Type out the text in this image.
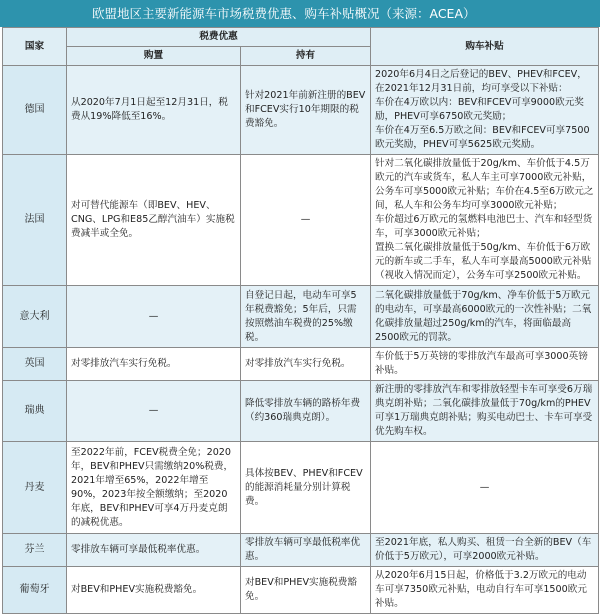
欧盟地区主要新能源车市场税费优惠、购车补贴概况（来源：ACEA）
国家	税费优惠		购车补贴
	购置	持有	
德国	从2020年7月1日起至12月31日，税费从19%降低至16%。	针对2021年前新注册的BEV和FCEV实行10年期限的税费豁免。	2020年6月4日之后登记的BEV、PHEV和FCEV，在2021年12月31日前，均可享受以下补贴：
车价在4万欧以内：BEV和FCEV可享9000欧元奖励，PHEV可享6750欧元奖励；
车价在4万至6.5万欧之间：BEV和FCEV可享7500欧元奖励，PHEV可享5625欧元奖励。

法国	对可替代能源车（即BEV、HEV、CNG、LPG和E85乙醇汽油车）实施税费减半或全免。	—	针对二氧化碳排放量低于20g/km、车价低于4.5万欧元的汽车或货车，私人车主可享7000欧元补贴，公务车可享5000欧元补贴；车价在4.5至6万欧元之间，私人车和公务车均可享3000欧元补贴；
车价超过6万欧元的氢燃料电池巴士、汽车和轻型货车，可享3000欧元补贴；
置换二氧化碳排放量低于50g/km、车价低于6万欧元的新车或二手车，私人车可享最高5000欧元补贴（视收入情况而定），公务车可享2500欧元补贴。

意大利	—	自登记日起，电动车可享5年税费豁免；5年后，只需按照燃油车税费的25%缴税。	二氧化碳排放量低于70g/km、净车价低于5万欧元的电动车，可享最高6000欧元的一次性补贴；二氧化碳排放量超过250g/km的汽车，将面临最高2500欧元的罚款。

英国	对零排放汽车实行免税。	对零排放汽车实行免税。	车价低于5万英镑的零排放汽车最高可享3000英镑补贴。

瑞典	—	降低零排放车辆的路桥年费（约360瑞典克朗）。	新注册的零排放汽车和零排放轻型卡车可享受6万瑞典克朗补贴；二氧化碳排放量低于70g/km的PHEV可享1万瑞典克朗补贴；购买电动巴士、卡车可享受优先购车权。

丹麦	至2022年前，FCEV税费全免；2020年，BEV和PHEV只需缴纳20%税费，2021年增至65%，2022年增至90%，2023年按全额缴纳；至2020年底，BEV和PHEV可享4万丹麦克朗的减税优惠。	具体按BEV、PHEV和FCEV的能源消耗量分别计算税费。	—

芬兰	零排放车辆可享最低税率优惠。	零排放车辆可享最低税率优惠。	至2021年底，私人购买、租赁一台全新的BEV（车价低于5万欧元），可享2000欧元补贴。

葡萄牙	对BEV和PHEV实施税费豁免。	对BEV和PHEV实施税费豁免。	从2020年6月15日起，价格低于3.2万欧元的电动车可享7350欧元补贴，电动自行车可享1500欧元补贴。
